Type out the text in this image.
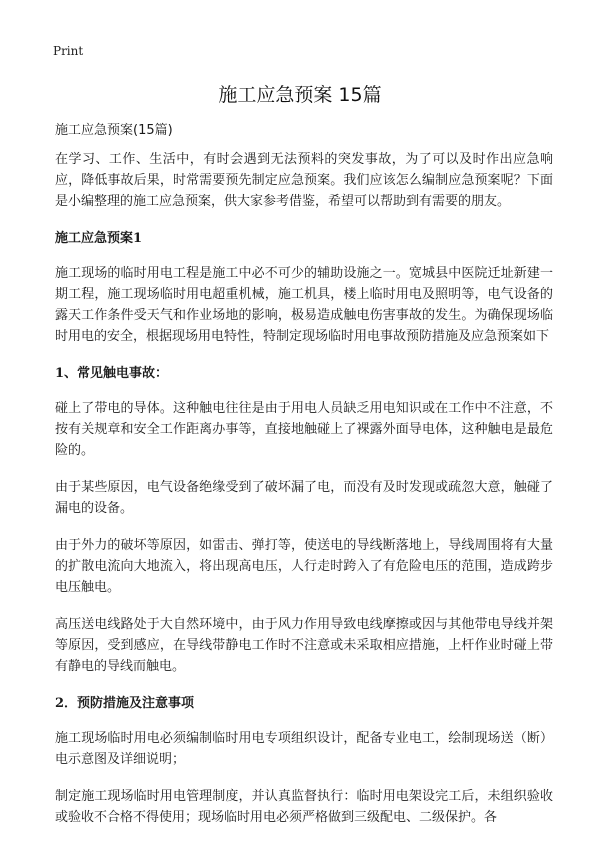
Print
施工应急预案 15篇

施工应急预案(15篇)

在学习、工作、生活中，有时会遇到无法预料的突发事故，为了可以及时作出应急响应，降低事故后果，时常需要预先制定应急预案。我们应该怎么编制应急预案呢？下面是小编整理的施工应急预案，供大家参考借鉴，希望可以帮助到有需要的朋友。

施工应急预案1

施工现场的临时用电工程是施工中必不可少的辅助设施之一。宽城县中医院迁址新建一期工程，施工现场临时用电超重机械，施工机具，楼上临时用电及照明等，电气设备的露天工作条件受天气和作业场地的影响，极易造成触电伤害事故的发生。为确保现场临时用电的安全，根据现场用电特性，特制定现场临时用电事故预防措施及应急预案如下

1、常见触电事故：

碰上了带电的导体。这种触电往往是由于用电人员缺乏用电知识或在工作中不注意，不按有关规章和安全工作距离办事等，直接地触碰上了裸露外面导电体，这种触电是最危险的。

由于某些原因，电气设备绝缘受到了破坏漏了电，而没有及时发现或疏忽大意，触碰了漏电的设备。

由于外力的破坏等原因，如雷击、弹打等，使送电的导线断落地上，导线周围将有大量的扩散电流向大地流入，将出现高电压，人行走时跨入了有危险电压的范围，造成跨步电压触电。

高压送电线路处于大自然环境中，由于风力作用导致电线摩擦或因与其他带电导线并架等原因，受到感应，在导线带静电工作时不注意或未采取相应措施，上杆作业时碰上带有静电的导线而触电。

2．预防措施及注意事项

施工现场临时用电必须编制临时用电专项组织设计，配备专业电工，绘制现场送（断）电示意图及详细说明；

制定施工现场临时用电管理制度，并认真监督执行：临时用电架设完工后，未组织验收或验收不合格不得使用；现场临时用电必须严格做到三级配电、二级保护。各
